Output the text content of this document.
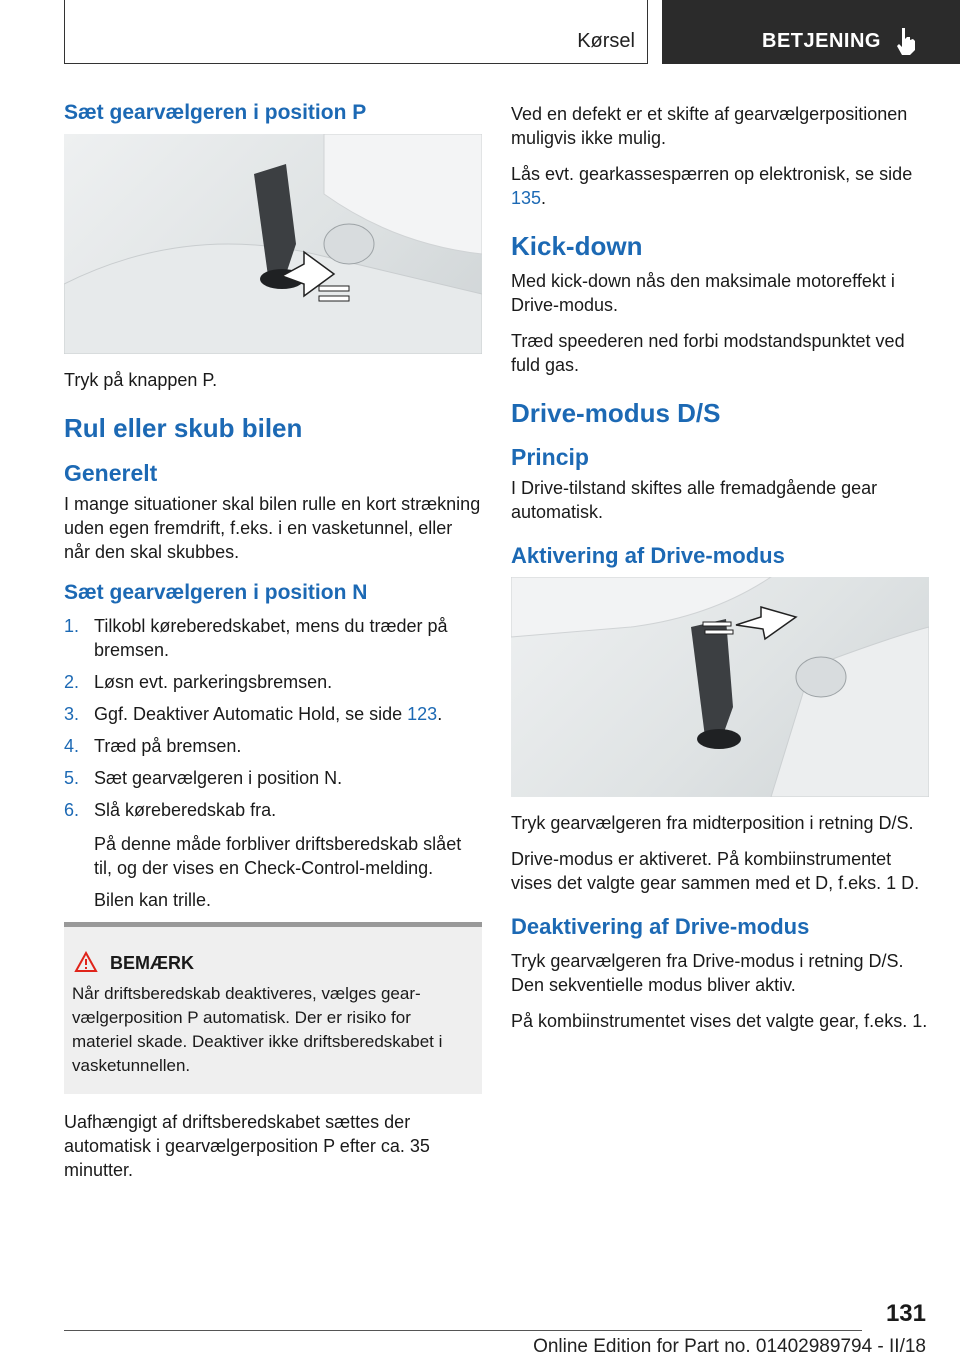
Kørsel	BETJENING
Sæt gearvælgeren i position P

Tryk på knappen P.

Rul eller skub bilen
Generelt

I mange situationer skal bilen rulle en kort strækning uden egen fremdrift, f.eks. i en vasketunnel, eller når den skal skubbes.

Sæt gearvælgeren i position N
1. Tilkobl køreberedskabet, mens du træder på bremsen.
2. Løsn evt. parkeringsbremsen.
3. Ggf. Deaktiver Automatic Hold, se side 123.
4. Træd på bremsen.
5. Sæt gearvælgeren i position N.
6. Slå køreberedskab fra.

På denne måde forbliver driftsberedskab slået til, og der vises en Check-Control-melding.

Bilen kan trille.

BEMÆRK

Når driftsberedskab deaktiveres, vælges gearvælgerposition P automatisk. Der er risiko for materiel skade. Deaktiver ikke driftsberedskabet i vasketunnellen.

Uafhængigt af driftsberedskabet sættes der automatisk i gearvælgerposition P efter ca. 35 minutter.

Ved en defekt er et skifte af gearvælgerpositionen muligvis ikke mulig.

Lås evt. gearkassespærren op elektronisk, se side 135.

Kick-down

Med kick-down nås den maksimale motoreffekt i Drive-modus.

Træd speederen ned forbi modstandspunktet ved fuld gas.

Drive-modus D/S
Princip

I Drive-tilstand skiftes alle fremadgående gear automatisk.

Aktivering af Drive-modus

Tryk gearvælgeren fra midterposition i retning D/S.

Drive-modus er aktiveret. På kombiinstrumentet vises det valgte gear sammen med et D, f.eks. 1 D.

Deaktivering af Drive-modus

Tryk gearvælgeren fra Drive-modus i retning D/S. Den sekventielle modus bliver aktiv.

På kombiinstrumentet vises det valgte gear, f.eks. 1.

131
Online Edition for Part no. 01402989794 - II/18
